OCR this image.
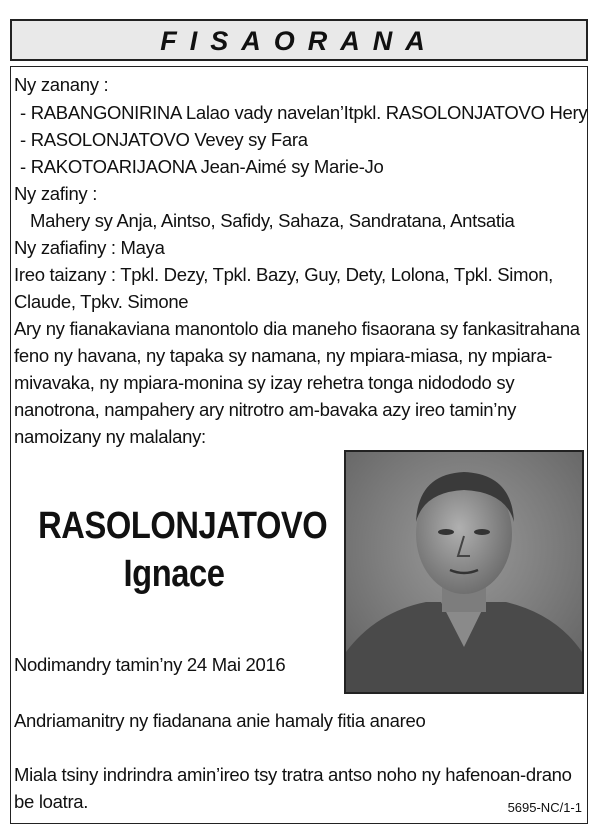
FISAORANA
Ny zanany :
- RABANGONIRINA Lalao vady navelan’Itpkl. RASOLONJATOVO Hery
- RASOLONJATOVO Vevey sy Fara
- RAKOTOARIJAONA Jean-Aimé sy Marie-Jo
Ny zafiny :
Mahery sy Anja, Aintso, Safidy, Sahaza, Sandratana, Antsatia
Ny zafiafiny : Maya
Ireo taizany : Tpkl. Dezy, Tpkl. Bazy, Guy, Dety, Lolona, Tpkl. Simon,
Claude, Tpkv. Simone
Ary ny fianakaviana manontolo dia maneho fisaorana sy fankasitrahana
feno ny havana, ny tapaka sy namana, ny mpiara-miasa, ny mpiara-
mivavaka, ny mpiara-monina sy izay rehetra tonga nidododo sy
nanotrona, nampahery ary nitrotro am-bavaka azy ireo tamin’ny
namoizany ny malalany:
RASOLONJATOVO
Ignace
Nodimandry tamin’ny 24 Mai 2016
Andriamanitry ny fiadanana anie hamaly fitia anareo
Miala tsiny indrindra amin’ireo tsy tratra antso noho ny hafenoan-drano
be loatra.	5695-NC/1-1
